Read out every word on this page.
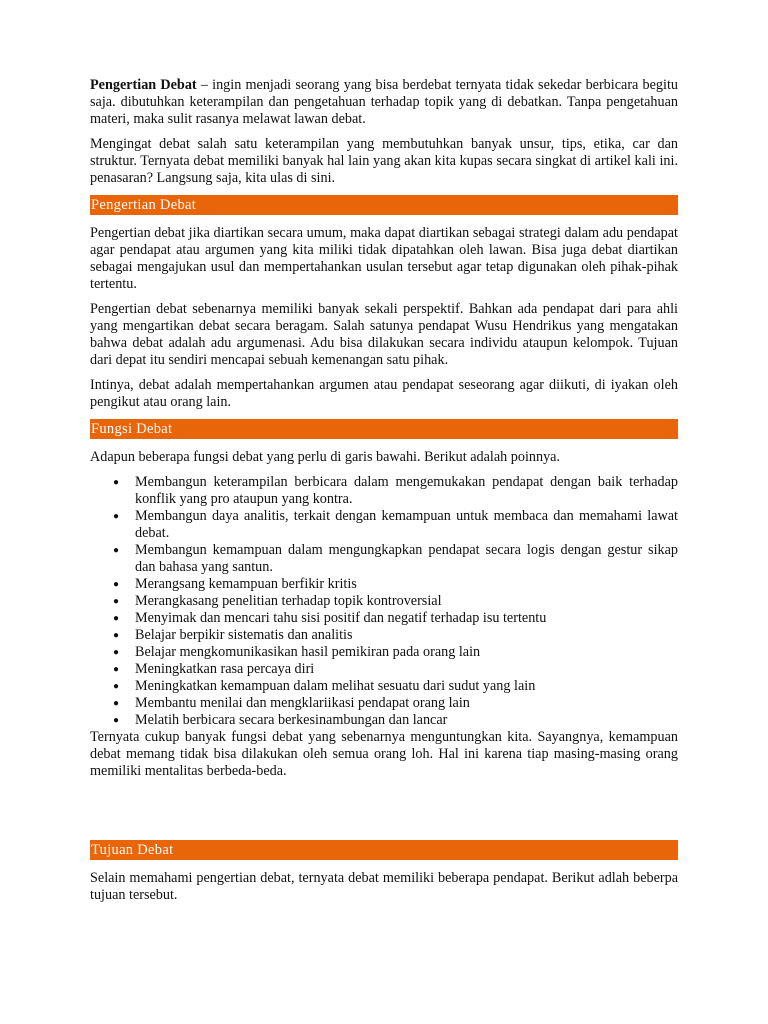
Pengertian Debat – ingin menjadi seorang yang bisa berdebat ternyata tidak sekedar berbicara begitu saja. dibutuhkan keterampilan dan pengetahuan terhadap topik yang di debatkan. Tanpa pengetahuan materi, maka sulit rasanya melawat lawan debat.

Mengingat debat salah satu keterampilan yang membutuhkan banyak unsur, tips, etika, car dan struktur. Ternyata debat memiliki banyak hal lain yang akan kita kupas secara singkat di artikel kali ini. penasaran? Langsung saja, kita ulas di sini.

Pengertian Debat

Pengertian debat jika diartikan secara umum, maka dapat diartikan sebagai strategi dalam adu pendapat agar pendapat atau argumen yang kita miliki tidak dipatahkan oleh lawan. Bisa juga debat diartikan sebagai mengajukan usul dan mempertahankan usulan tersebut agar tetap digunakan oleh pihak-pihak tertentu.

Pengertian debat sebenarnya memiliki banyak sekali perspektif. Bahkan ada pendapat dari para ahli yang mengartikan debat secara beragam. Salah satunya pendapat Wusu Hendrikus yang mengatakan bahwa debat adalah adu argumenasi. Adu bisa dilakukan secara individu ataupun kelompok. Tujuan dari depat itu sendiri mencapai sebuah kemenangan satu pihak.

Intinya, debat adalah mempertahankan argumen atau pendapat seseorang agar diikuti, di iyakan oleh pengikut atau orang lain.

Fungsi Debat

Adapun beberapa fungsi debat yang perlu di garis bawahi. Berikut adalah poinnya.

● Membangun keterampilan berbicara dalam mengemukakan pendapat dengan baik terhadap konflik yang pro ataupun yang kontra.
● Membangun daya analitis, terkait dengan kemampuan untuk membaca dan memahami lawat debat.
● Membangun kemampuan dalam mengungkapkan pendapat secara logis dengan gestur sikap dan bahasa yang santun.
● Merangsang kemampuan berfikir kritis
● Merangkasang penelitian terhadap topik kontroversial
● Menyimak dan mencari tahu sisi positif dan negatif terhadap isu tertentu
● Belajar berpikir sistematis dan analitis
● Belajar mengkomunikasikan hasil pemikiran pada orang lain
● Meningkatkan rasa percaya diri
● Meningkatkan kemampuan dalam melihat sesuatu dari sudut yang lain
● Membantu menilai dan mengklariikasi pendapat orang lain
● Melatih berbicara secara berkesinambungan dan lancar

Ternyata cukup banyak fungsi debat yang sebenarnya menguntungkan kita. Sayangnya, kemampuan debat memang tidak bisa dilakukan oleh semua orang loh. Hal ini karena tiap masing-masing orang memiliki mentalitas berbeda-beda.

Tujuan Debat

Selain memahami pengertian debat, ternyata debat memiliki beberapa pendapat. Berikut adlah beberpa tujuan tersebut.
